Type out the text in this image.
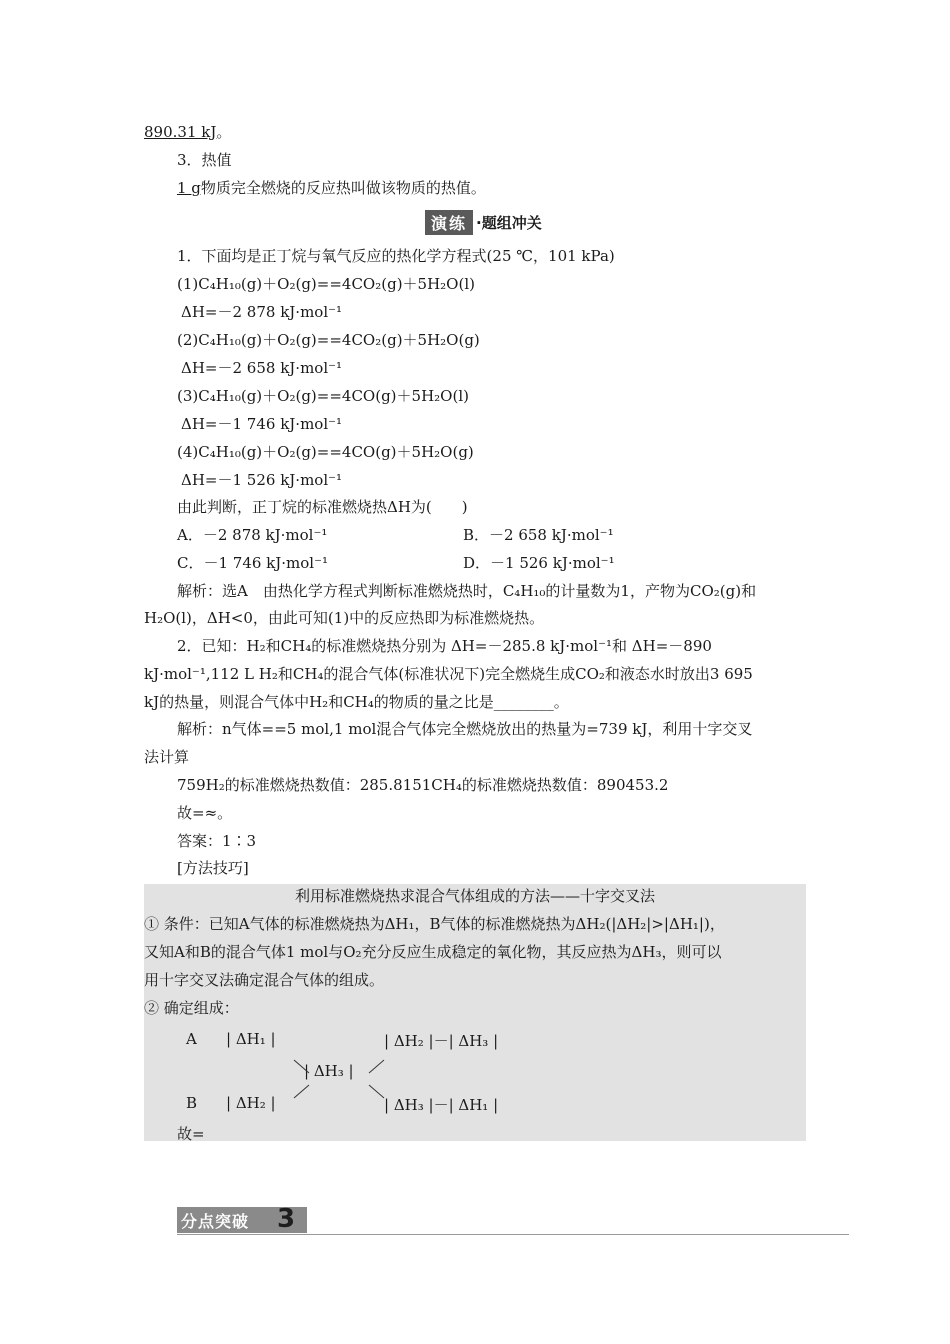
890.31 kJ。
3．热值
1 g物质完全燃烧的反应热叫做该物质的热值。
演练 ·题组冲关
1．下面均是正丁烷与氧气反应的热化学方程式(25 ℃，101 kPa)
(1)C₄H₁₀(g)＋O₂(g)==4CO₂(g)＋5H₂O(l)
ΔH=－2 878 kJ·mol⁻¹
(2)C₄H₁₀(g)＋O₂(g)==4CO₂(g)＋5H₂O(g)
ΔH=－2 658 kJ·mol⁻¹
(3)C₄H₁₀(g)＋O₂(g)==4CO(g)＋5H₂O(l)
ΔH=－1 746 kJ·mol⁻¹
(4)C₄H₁₀(g)＋O₂(g)==4CO(g)＋5H₂O(g)
ΔH=－1 526 kJ·mol⁻¹
由此判断，正丁烷的标准燃烧热ΔH为(　　)
A．－2 878 kJ·mol⁻¹	B．－2 658 kJ·mol⁻¹
C．－1 746 kJ·mol⁻¹	D．－1 526 kJ·mol⁻¹
解析：选A　由热化学方程式判断标准燃烧热时，C₄H₁₀的计量数为1，产物为CO₂(g)和
H₂O(l)，ΔH<0，由此可知(1)中的反应热即为标准燃烧热。
2．已知：H₂和CH₄的标准燃烧热分别为 ΔH=－285.8 kJ·mol⁻¹和 ΔH=－890
kJ·mol⁻¹,112 L H₂和CH₄的混合气体(标准状况下)完全燃烧生成CO₂和液态水时放出3 695
kJ的热量，则混合气体中H₂和CH₄的物质的量之比是________。
解析：n气体==5 mol,1 mol混合气体完全燃烧放出的热量为=739 kJ，利用十字交叉
法计算
759H₂的标准燃烧热数值：285.8151CH₄的标准燃烧热数值：890453.2
故=≈。
答案：1∶3
[方法技巧]
利用标准燃烧热求混合气体组成的方法——十字交叉法
① 条件：已知A气体的标准燃烧热为ΔH₁，B气体的标准燃烧热为ΔH₂(|ΔH₂|>|ΔH₁|)，
又知A和B的混合气体1 mol与O₂充分反应生成稳定的氧化物，其反应热为ΔH₃，则可以
用十字交叉法确定混合气体的组成。
② 确定组成：
A | ΔH₁ |	| ΔH₂ |－| ΔH₃ |
| ΔH₃ |
B | ΔH₂ |	| ΔH₃ |－| ΔH₁ |
故=
分点突破 3
